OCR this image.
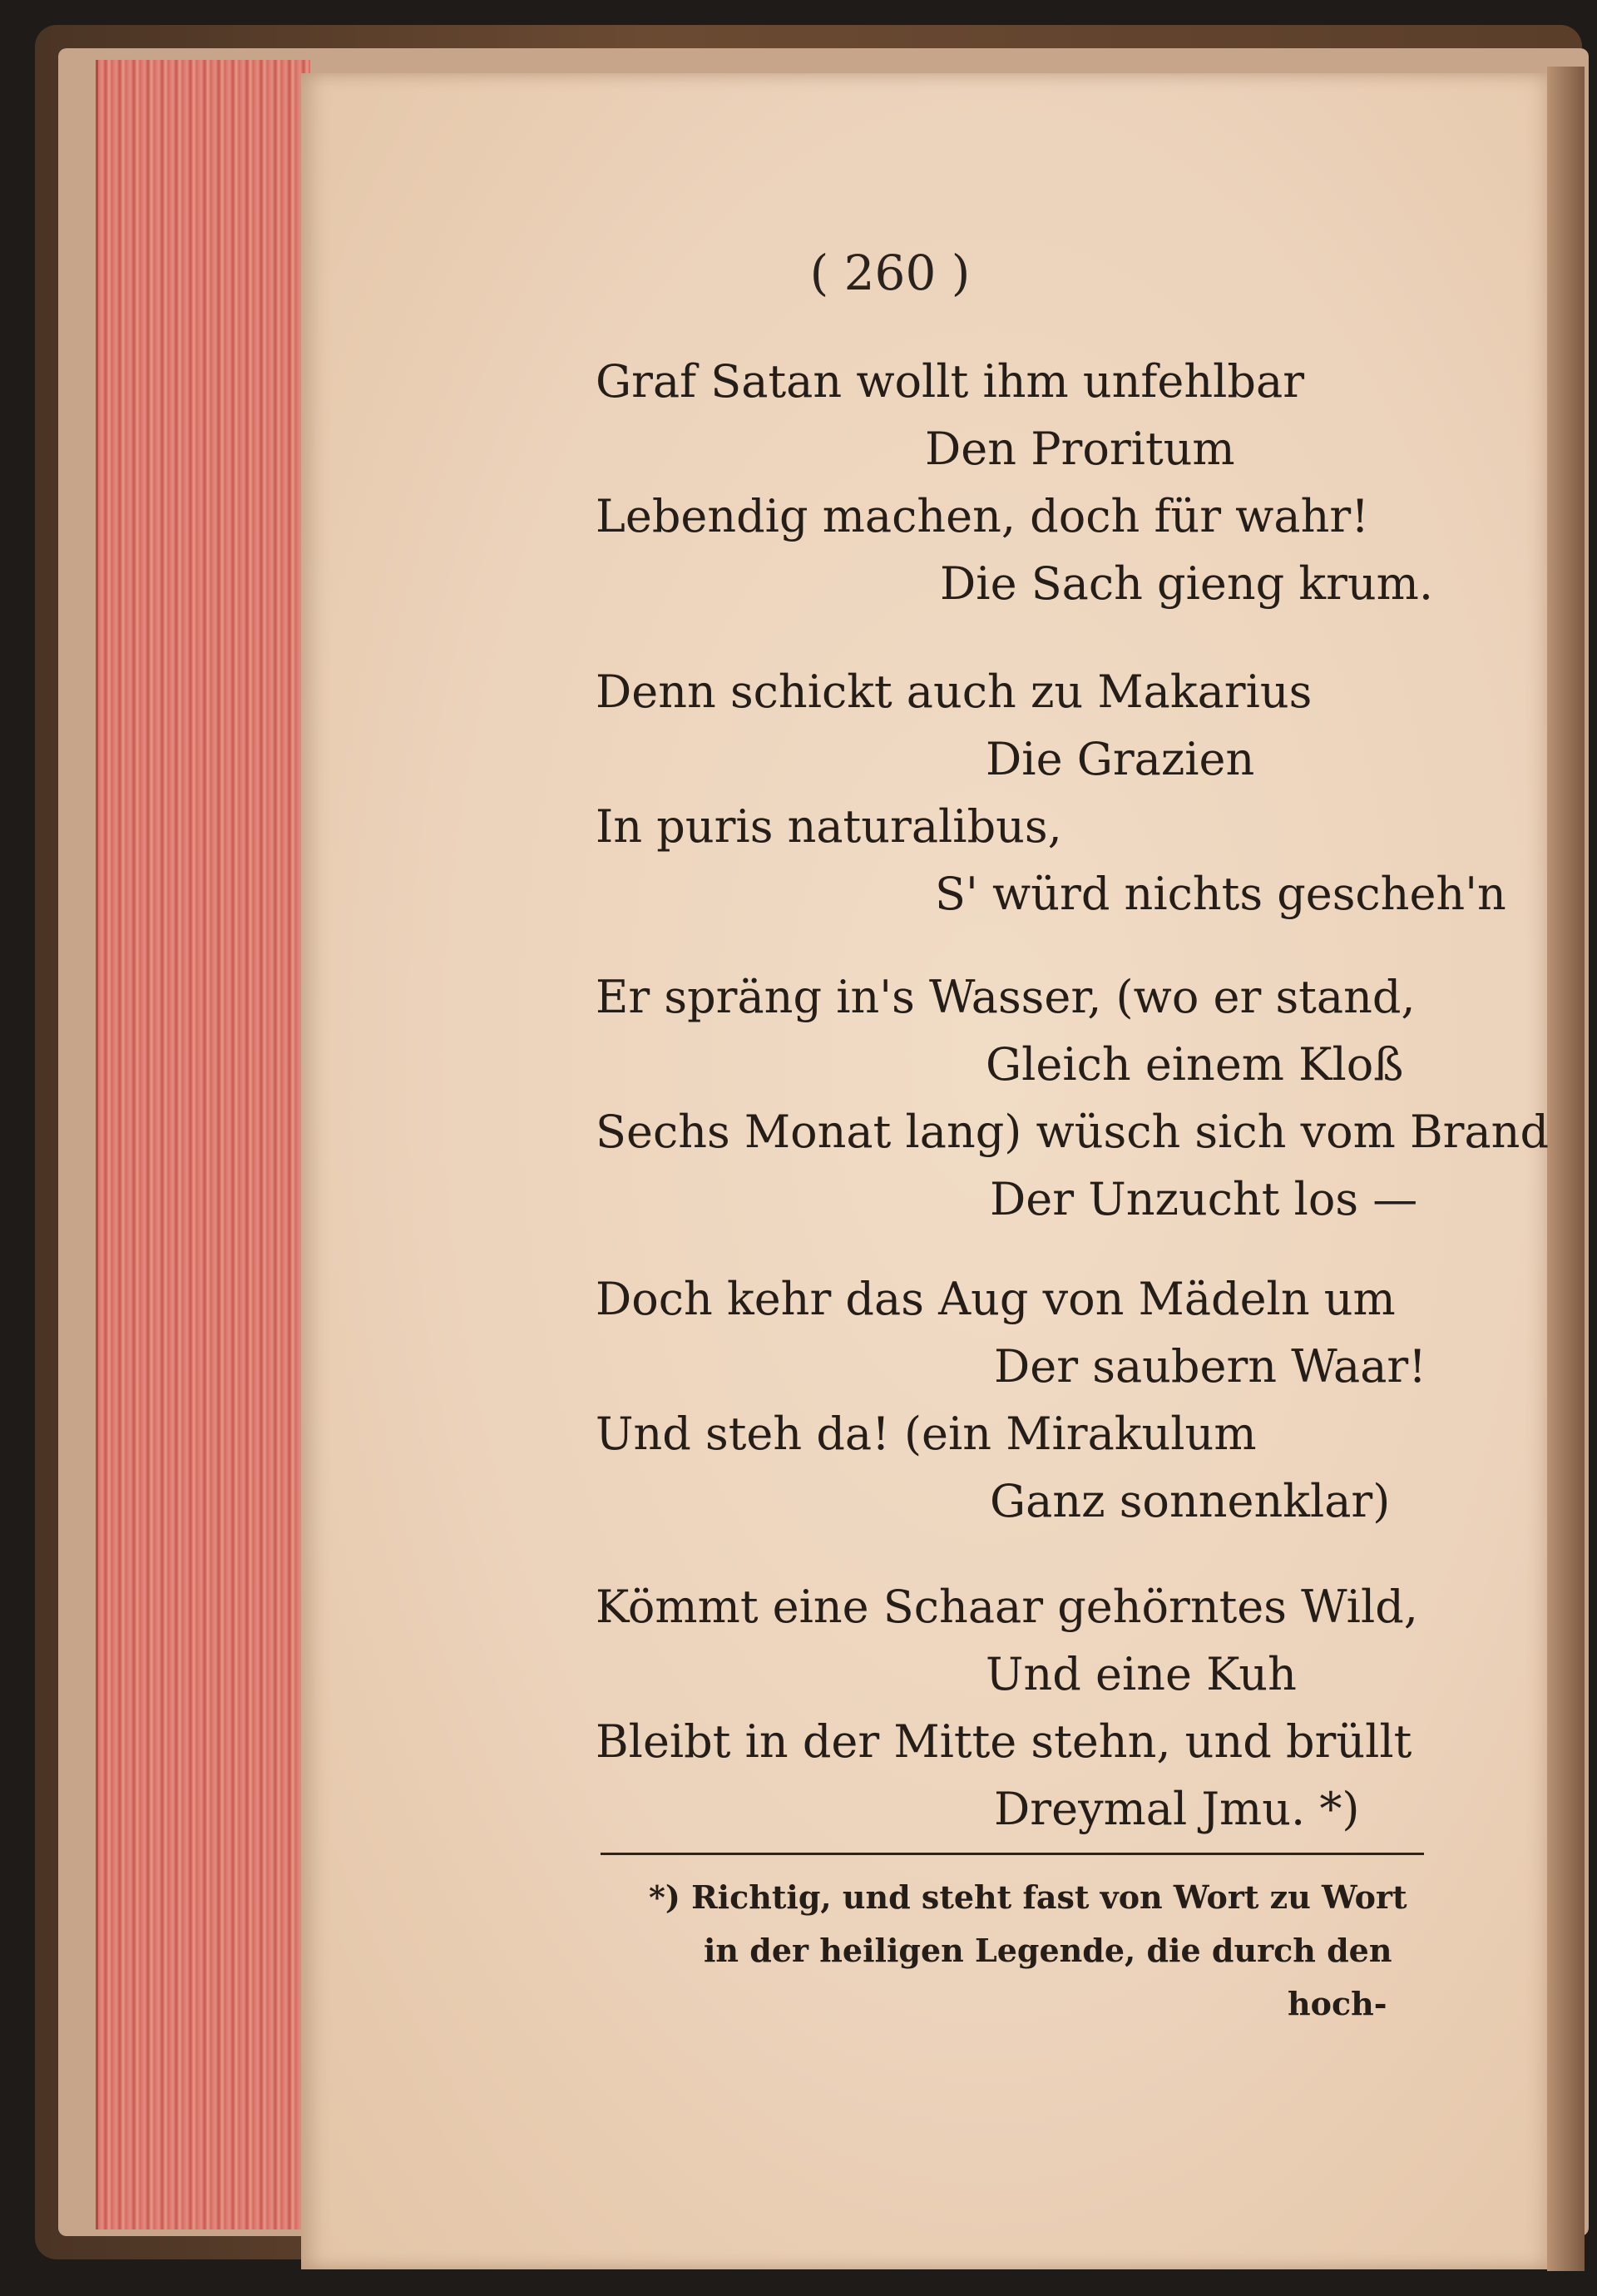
( 260 )
Graf Satan wollt ihm unfehlbar
Den Proritum
Lebendig machen, doch für wahr!
Die Sach gieng krum.
Denn schickt auch zu Makarius
Die Grazien
In puris naturalibus,
S' würd nichts gescheh'n
Er spräng in's Wasser, (wo er stand,
Gleich einem Kloß
Sechs Monat lang) wüsch sich vom Brand
Der Unzucht los —
Doch kehr das Aug von Mädeln um
Der saubern Waar!
Und steh da! (ein Mirakulum
Ganz sonnenklar)
Kömmt eine Schaar gehörntes Wild,
Und eine Kuh
Bleibt in der Mitte stehn, und brüllt
Dreymal Jmu. *)
*) Richtig, und steht fast von Wort zu Wort
in der heiligen Legende, die durch den
hoch-
